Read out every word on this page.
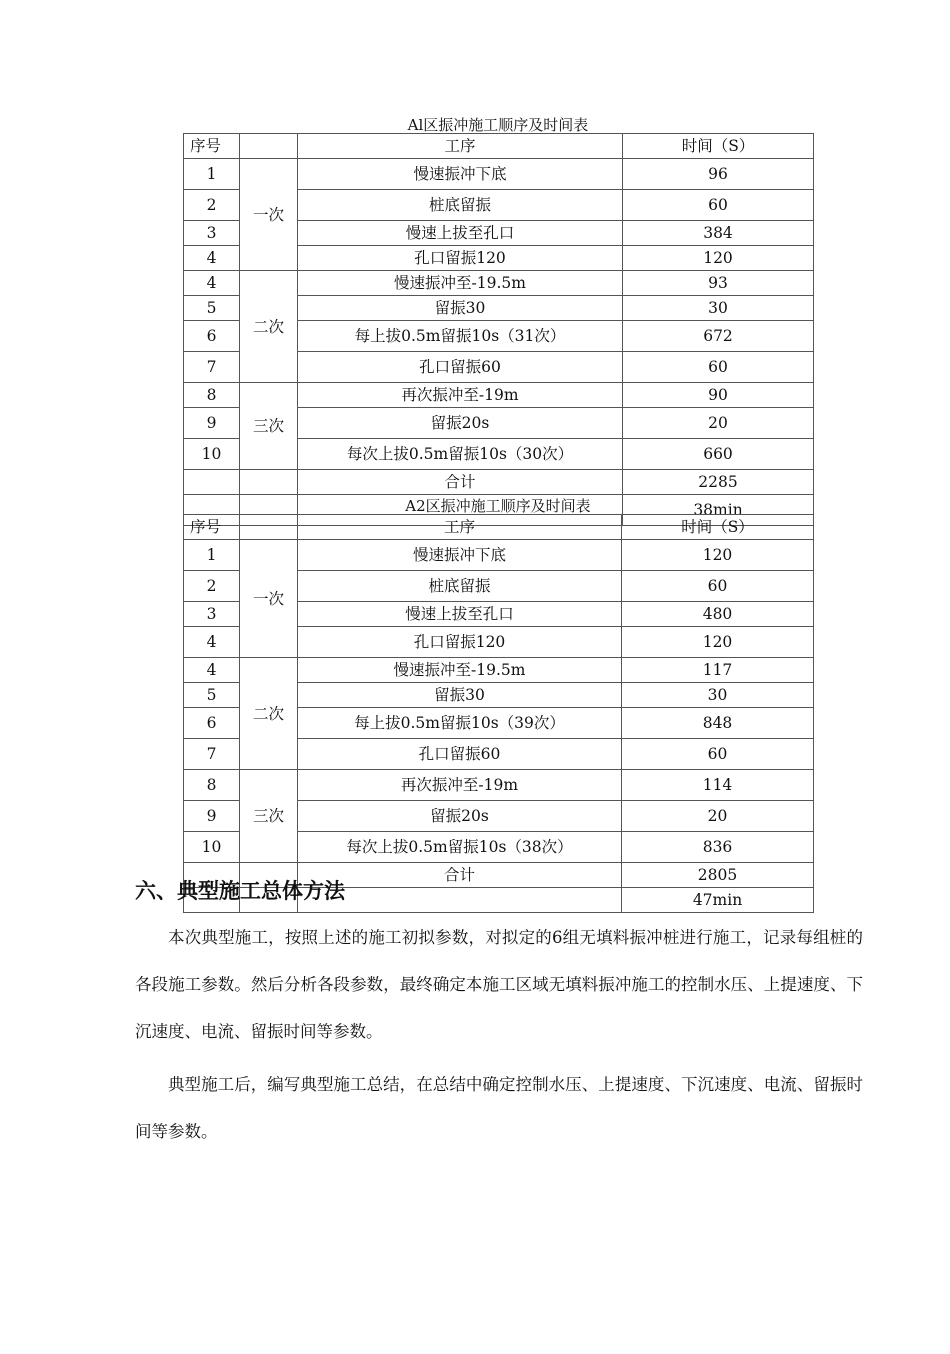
Al区振冲施工顺序及时间表
序号		工序	时间（S）
1	一次	慢速振冲下底	96
2		桩底留振	60
3		慢速上拔至孔口	384
4		孔口留振120	120
4	二次	慢速振冲至-19.5m	93
5		留振30	30
6		每上拔0.5m留振10s（31次）	672
7		孔口留振60	60
8	三次	再次振冲至-19m	90
9		留振20s	20
10		每次上拔0.5m留振10s（30次）	660
		合计	2285
			38min
A2区振冲施工顺序及时间表
序号		工序	时间（S）
1	一次	慢速振冲下底	120
2		桩底留振	60
3		慢速上拔至孔口	480
4		孔口留振120	120
4	二次	慢速振冲至-19.5m	117
5		留振30	30
6		每上拔0.5m留振10s（39次）	848
7		孔口留振60	60
8	三次	再次振冲至-19m	114
9		留振20s	20
10		每次上拔0.5m留振10s（38次）	836
		合计	2805
			47min
六、典型施工总体方法

本次典型施工，按照上述的施工初拟参数，对拟定的6组无填料振冲桩进行施工，记录每组桩的各段施工参数。然后分析各段参数，最终确定本施工区域无填料振冲施工的控制水压、上提速度、下沉速度、电流、留振时间等参数。

典型施工后，编写典型施工总结，在总结中确定控制水压、上提速度、下沉速度、电流、留振时间等参数。
